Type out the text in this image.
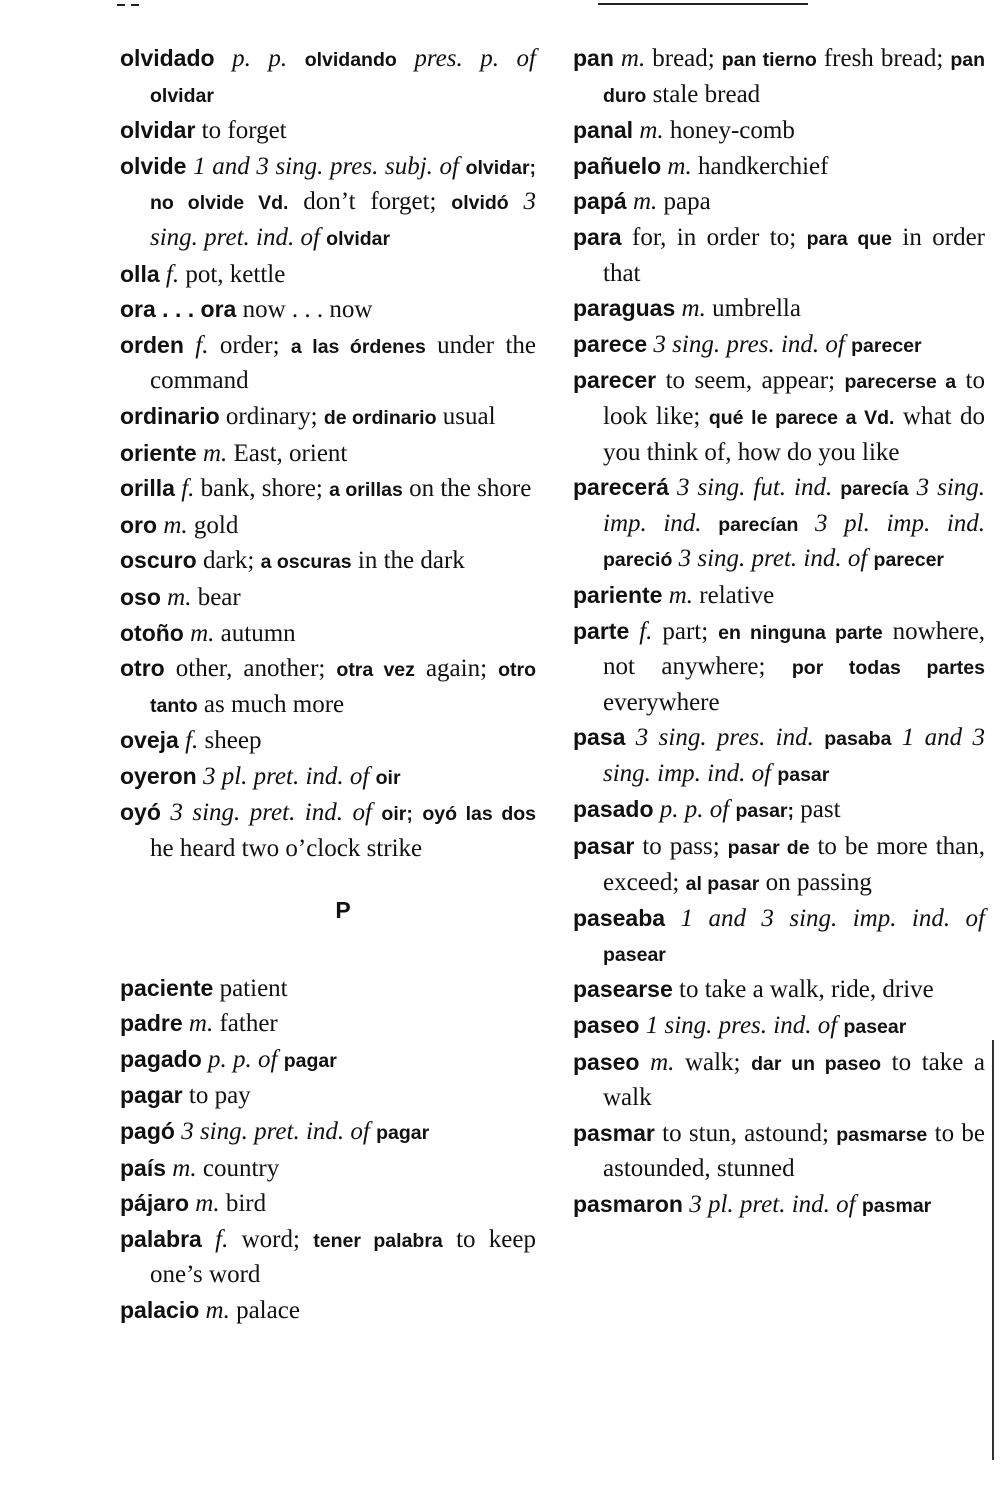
olvidado p. p. olvidando pres. p. of olvidar
olvidar to forget
olvide 1 and 3 sing. pres. subj. of olvidar; no olvide Vd. don’t forget; olvidó 3 sing. pret. ind. of olvidar
olla f. pot, kettle
ora . . . ora now . . . now
orden f. order; a las órdenes under the command
ordinario ordinary; de ordinario usual
oriente m. East, orient
orilla f. bank, shore; a orillas on the shore
oro m. gold
oscuro dark; a oscuras in the dark
oso m. bear
otoño m. autumn
otro other, another; otra vez again; otro tanto as much more
oveja f. sheep
oyeron 3 pl. pret. ind. of oir
oyó 3 sing. pret. ind. of oir; oyó las dos he heard two o’clock strike
P
paciente patient
padre m. father
pagado p. p. of pagar
pagar to pay
pagó 3 sing. pret. ind. of pagar
país m. country
pájaro m. bird
palabra f. word; tener palabra to keep one’s word
palacio m. palace
pan m. bread; pan tierno fresh bread; pan duro stale bread
panal m. honey-comb
pañuelo m. handkerchief
papá m. papa
para for, in order to; para que in order that
paraguas m. umbrella
parece 3 sing. pres. ind. of parecer
parecer to seem, appear; parecerse a to look like; qué le parece a Vd. what do you think of, how do you like
parecerá 3 sing. fut. ind. parecía 3 sing. imp. ind. parecían 3 pl. imp. ind. pareció 3 sing. pret. ind. of parecer
pariente m. relative
parte f. part; en ninguna parte nowhere, not anywhere; por todas partes everywhere
pasa 3 sing. pres. ind. pasaba 1 and 3 sing. imp. ind. of pasar
pasado p. p. of pasar; past
pasar to pass; pasar de to be more than, exceed; al pasar on passing
paseaba 1 and 3 sing. imp. ind. of pasear
pasearse to take a walk, ride, drive
paseo 1 sing. pres. ind. of pasear
paseo m. walk; dar un paseo to take a walk
pasmar to stun, astound; pasmarse to be astounded, stunned
pasmaron 3 pl. pret. ind. of pasmar
